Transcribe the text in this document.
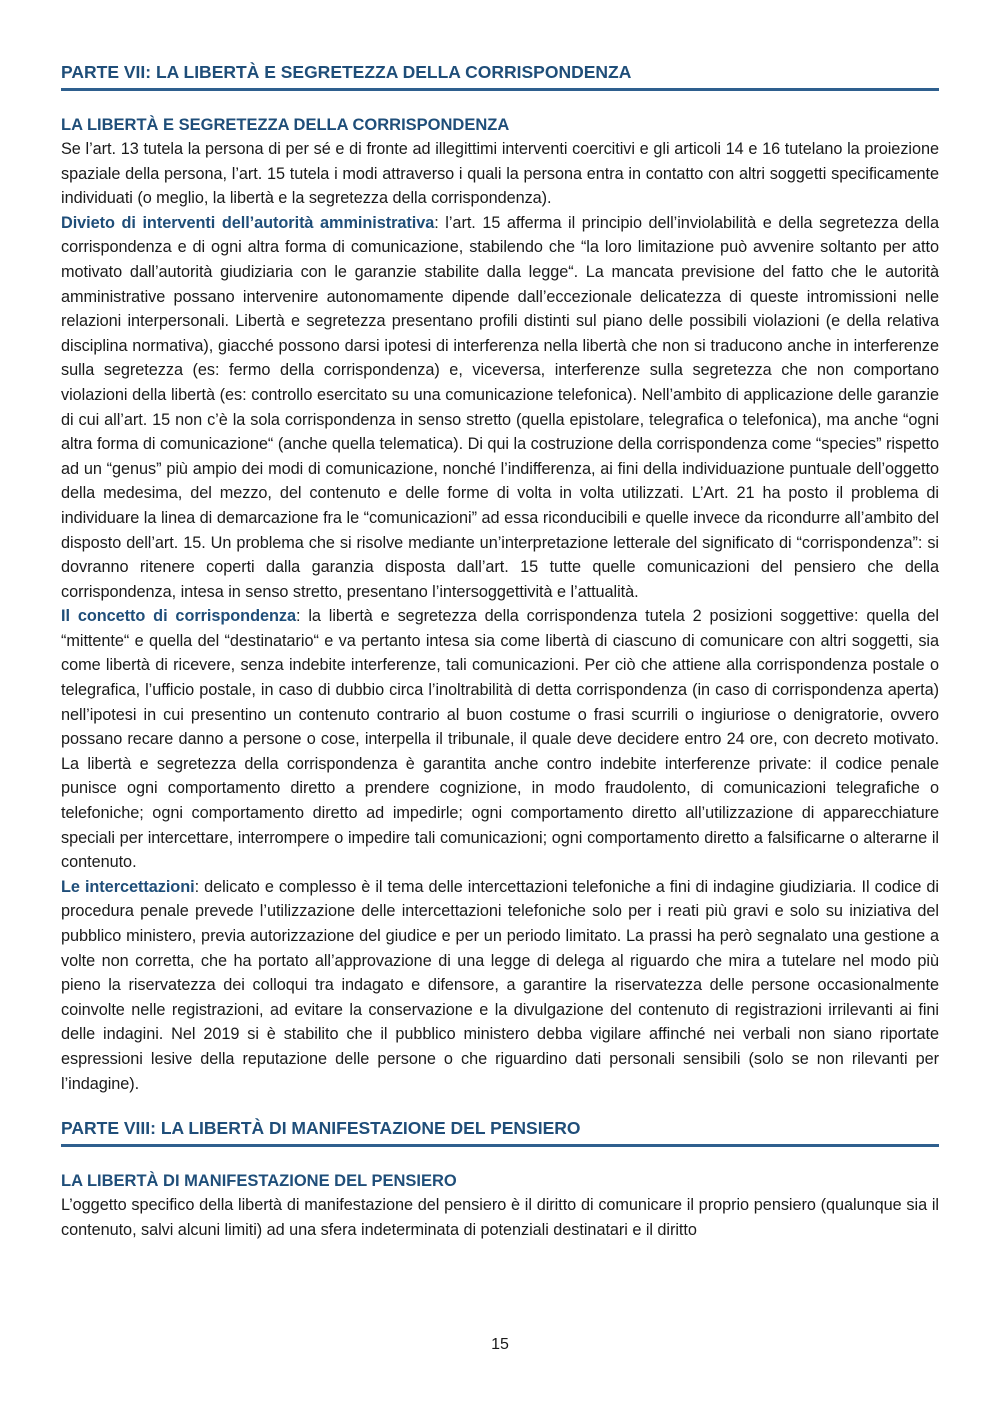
PARTE VII: LA LIBERTÀ E SEGRETEZZA DELLA CORRISPONDENZA
LA LIBERTÀ E SEGRETEZZA DELLA CORRISPONDENZA

Se l’art. 13 tutela la persona di per sé e di fronte ad illegittimi interventi coercitivi e gli articoli 14 e 16 tutelano la proiezione spaziale della persona, l’art. 15 tutela i modi attraverso i quali la persona entra in contatto con altri soggetti specificamente individuati (o meglio, la libertà e la segretezza della corrispondenza).

Divieto di interventi dell’autorità amministrativa: l’art. 15 afferma il principio dell’inviolabilità e della segretezza della corrispondenza e di ogni altra forma di comunicazione, stabilendo che “la loro limitazione può avvenire soltanto per atto motivato dall’autorità giudiziaria con le garanzie stabilite dalla legge“. La mancata previsione del fatto che le autorità amministrative possano intervenire autonomamente dipende dall’eccezionale delicatezza di queste intromissioni nelle relazioni interpersonali. Libertà e segretezza presentano profili distinti sul piano delle possibili violazioni (e della relativa disciplina normativa), giacché possono darsi ipotesi di interferenza nella libertà che non si traducono anche in interferenze sulla segretezza (es: fermo della corrispondenza) e, viceversa, interferenze sulla segretezza che non comportano violazioni della libertà (es: controllo esercitato su una comunicazione telefonica). Nell’ambito di applicazione delle garanzie di cui all’art. 15 non c’è la sola corrispondenza in senso stretto (quella epistolare, telegrafica o telefonica), ma anche “ogni altra forma di comunicazione“ (anche quella telematica). Di qui la costruzione della corrispondenza come “species” rispetto ad un “genus” più ampio dei modi di comunicazione, nonché l’indifferenza, ai fini della individuazione puntuale dell’oggetto della medesima, del mezzo, del contenuto e delle forme di volta in volta utilizzati. L’Art. 21 ha posto il problema di individuare la linea di demarcazione fra le “comunicazioni” ad essa riconducibili e quelle invece da ricondurre all’ambito del disposto dell’art. 15. Un problema che si risolve mediante un’interpretazione letterale del significato di “corrispondenza”: si dovranno ritenere coperti dalla garanzia disposta dall’art. 15 tutte quelle comunicazioni del pensiero che della corrispondenza, intesa in senso stretto, presentano l’intersoggettività e l’attualità.

Il concetto di corrispondenza: la libertà e segretezza della corrispondenza tutela 2 posizioni soggettive: quella del “mittente“ e quella del “destinatario“ e va pertanto intesa sia come libertà di ciascuno di comunicare con altri soggetti, sia come libertà di ricevere, senza indebite interferenze, tali comunicazioni. Per ciò che attiene alla corrispondenza postale o telegrafica, l’ufficio postale, in caso di dubbio circa l’inoltrabilità di detta corrispondenza (in caso di corrispondenza aperta) nell’ipotesi in cui presentino un contenuto contrario al buon costume o frasi scurrili o ingiuriose o denigratorie, ovvero possano recare danno a persone o cose, interpella il tribunale, il quale deve decidere entro 24 ore, con decreto motivato. La libertà e segretezza della corrispondenza è garantita anche contro indebite interferenze private: il codice penale punisce ogni comportamento diretto a prendere cognizione, in modo fraudolento, di comunicazioni telegrafiche o telefoniche; ogni comportamento diretto ad impedirle; ogni comportamento diretto all’utilizzazione di apparecchiature speciali per intercettare, interrompere o impedire tali comunicazioni; ogni comportamento diretto a falsificarne o alterarne il contenuto.

Le intercettazioni: delicato e complesso è il tema delle intercettazioni telefoniche a fini di indagine giudiziaria. Il codice di procedura penale prevede l’utilizzazione delle intercettazioni telefoniche solo per i reati più gravi e solo su iniziativa del pubblico ministero, previa autorizzazione del giudice e per un periodo limitato. La prassi ha però segnalato una gestione a volte non corretta, che ha portato all’approvazione di una legge di delega al riguardo che mira a tutelare nel modo più pieno la riservatezza dei colloqui tra indagato e difensore, a garantire la riservatezza delle persone occasionalmente coinvolte nelle registrazioni, ad evitare la conservazione e la divulgazione del contenuto di registrazioni irrilevanti ai fini delle indagini. Nel 2019 si è stabilito che il pubblico ministero debba vigilare affinché nei verbali non siano riportate espressioni lesive della reputazione delle persone o che riguardino dati personali sensibili (solo se non rilevanti per l’indagine).

PARTE VIII: LA LIBERTÀ DI MANIFESTAZIONE DEL PENSIERO
LA LIBERTÀ DI MANIFESTAZIONE DEL PENSIERO

L’oggetto specifico della libertà di manifestazione del pensiero è il diritto di comunicare il proprio pensiero (qualunque sia il contenuto, salvi alcuni limiti) ad una sfera indeterminata di potenziali destinatari e il diritto

15
